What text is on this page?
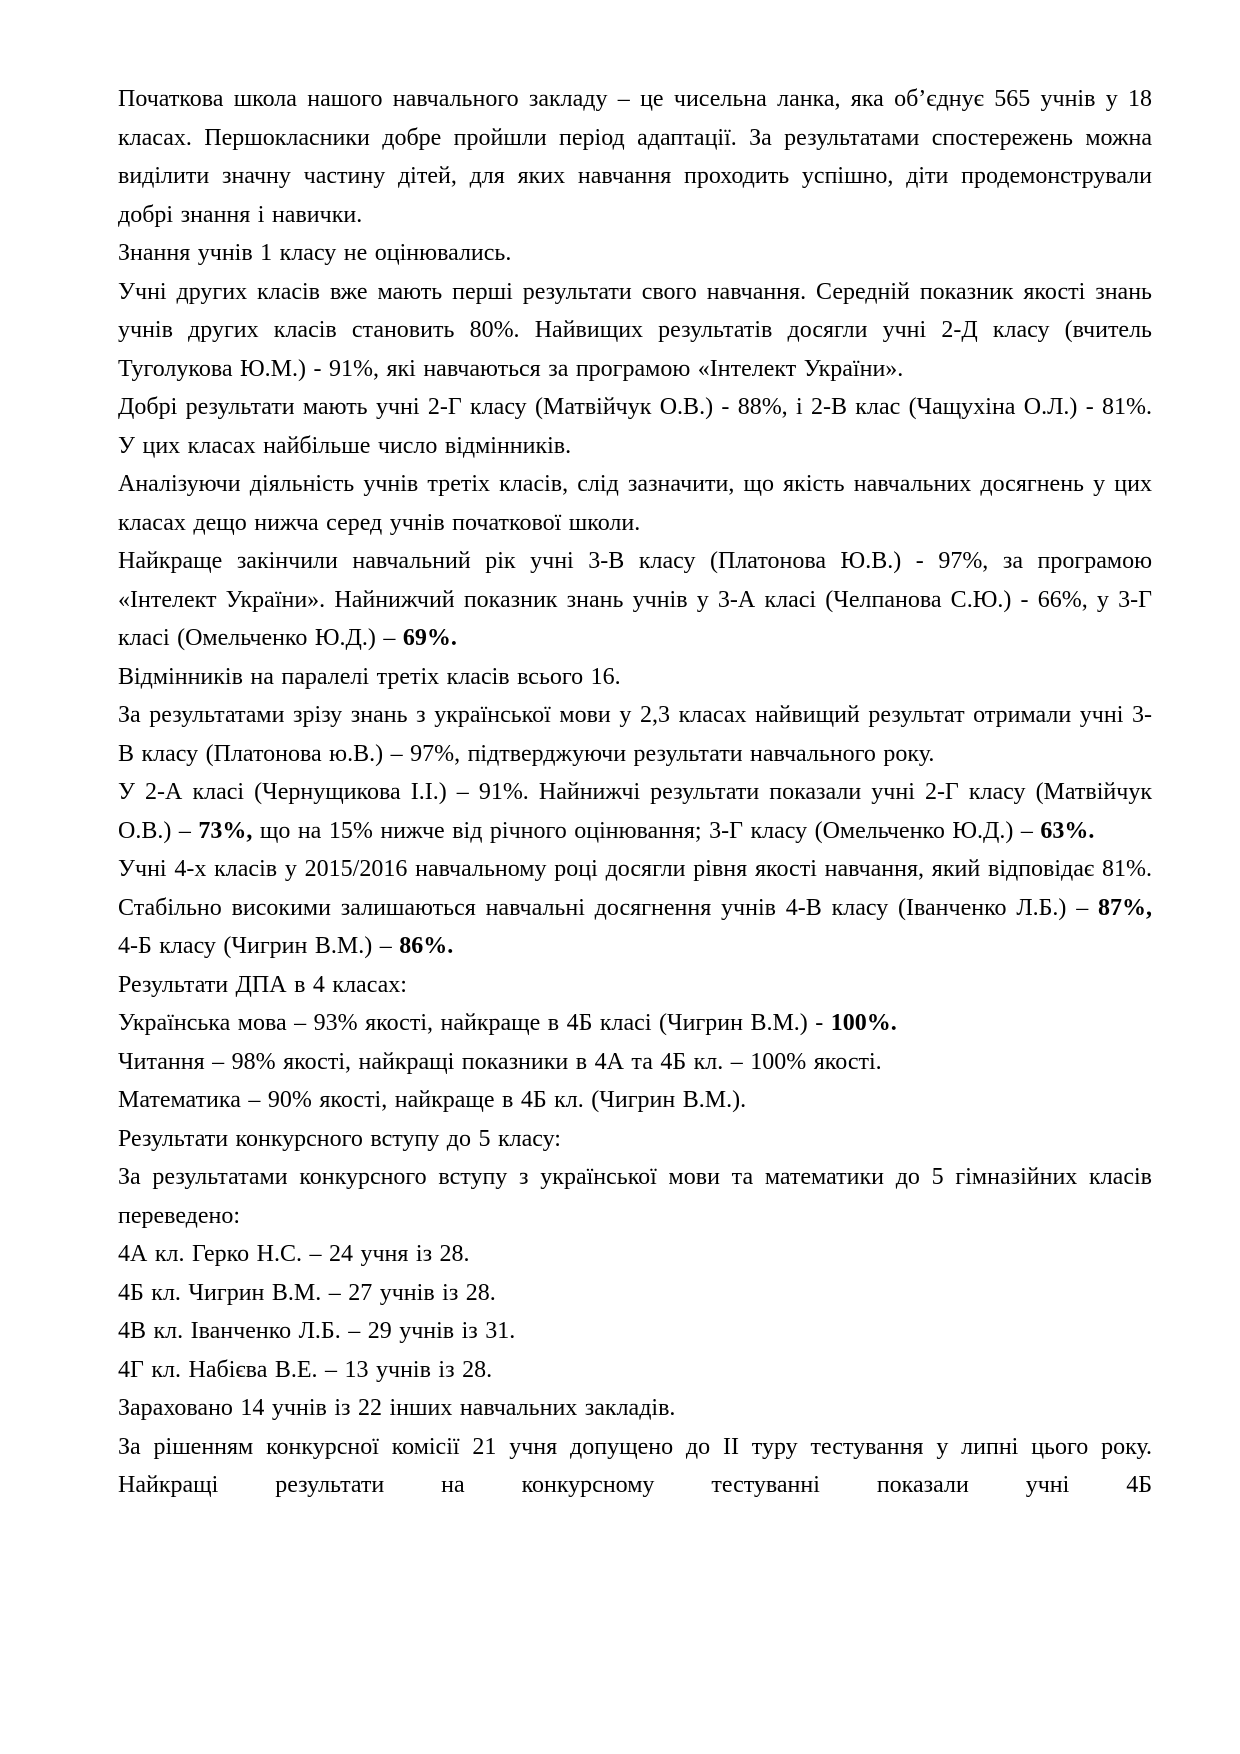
Початкова школа нашого навчального закладу – це чисельна ланка, яка об’єднує 565 учнів у 18 класах. Першокласники добре пройшли період адаптації. За результатами спостережень можна виділити значну частину дітей, для яких навчання проходить успішно, діти продемонстрували добрі знання і навички.

Знання учнів 1 класу не оцінювались.

Учні других класів вже мають перші результати свого навчання. Середній показник якості знань учнів других класів становить 80%. Найвищих результатів досягли учні 2-Д класу (вчитель Туголукова Ю.М.) - 91%, які навчаються за програмою «Інтелект України».

Добрі результати мають учні 2-Г класу (Матвійчук О.В.) - 88%, і 2-В клас (Чащухіна О.Л.) - 81%. У цих класах найбільше число відмінників.

Аналізуючи діяльність учнів третіх класів, слід зазначити, що якість навчальних досягнень у цих класах дещо нижча серед учнів початкової школи.

Найкраще закінчили навчальний рік учні 3-В класу (Платонова Ю.В.) - 97%, за програмою «Інтелект України». Найнижчий показник знань учнів у 3-А класі (Челпанова С.Ю.) - 66%, у 3-Г класі (Омельченко Ю.Д.) – 69%.

Відмінників на паралелі третіх класів всього 16.

За результатами зрізу знань з української мови у 2,3 класах найвищий результат отримали учні 3-В класу (Платонова ю.В.) – 97%, підтверджуючи результати навчального року.

У 2-А класі (Чернущикова І.І.) – 91%. Найнижчі результати показали учні 2-Г класу (Матвійчук О.В.) – 73%, що на 15% нижче від річного оцінювання; 3-Г класу (Омельченко Ю.Д.) – 63%.

Учні 4-х класів у 2015/2016 навчальному році досягли рівня якості навчання, який відповідає 81%. Стабільно високими залишаються навчальні досягнення учнів 4-В класу (Іванченко Л.Б.) – 87%, 4-Б класу (Чигрин В.М.) – 86%.

Результати ДПА в 4 класах:

Українська мова – 93% якості, найкраще в 4Б класі (Чигрин В.М.) - 100%.

Читання – 98% якості, найкращі показники в 4А та 4Б кл. – 100% якості.

Математика – 90% якості, найкраще в 4Б кл. (Чигрин В.М.).

Результати конкурсного вступу до 5 класу:

За результатами конкурсного вступу з української мови та математики до 5 гімназійних класів переведено:

4А кл. Герко Н.С. – 24 учня із 28.

4Б кл. Чигрин В.М. – 27 учнів із 28.

4В кл. Іванченко Л.Б. – 29 учнів із 31.

4Г кл. Набієва В.Е. – 13 учнів із 28.

Зараховано 14 учнів із 22 інших навчальних закладів.

За рішенням конкурсної комісії 21 учня допущено до ІІ туру тестування у липні цього року. Найкращі результати на конкурсному тестуванні показали учні 4Б
